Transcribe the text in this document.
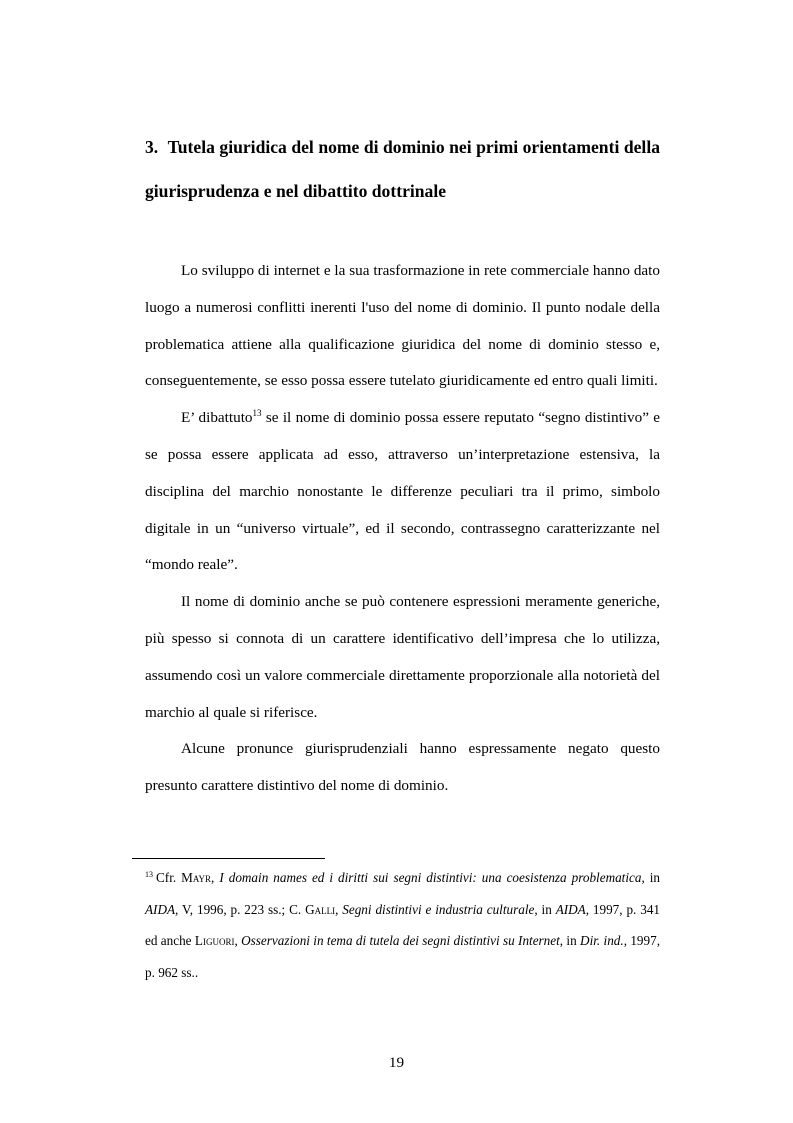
3. Tutela giuridica del nome di dominio nei primi orientamenti della giurisprudenza e nel dibattito dottrinale

Lo sviluppo di internet e la sua trasformazione in rete commerciale hanno dato luogo a numerosi conflitti inerenti l'uso del nome di dominio. Il punto nodale della problematica attiene alla qualificazione giuridica del nome di dominio stesso e, conseguentemente, se esso possa essere tutelato giuridicamente ed entro quali limiti.

E’ dibattuto$^{13}$ se il nome di dominio possa essere reputato “segno distintivo” e se possa essere applicata ad esso, attraverso un’interpretazione estensiva, la disciplina del marchio nonostante le differenze peculiari tra il primo, simbolo digitale in un “universo virtuale”, ed il secondo, contrassegno caratterizzante nel “mondo reale”.

Il nome di dominio anche se può contenere espressioni meramente generiche, più spesso si connota di un carattere identificativo dell’impresa che lo utilizza, assumendo così un valore commerciale direttamente proporzionale alla notorietà del marchio al quale si riferisce.

Alcune pronunce giurisprudenziali hanno espressamente negato questo presunto carattere distintivo del nome di dominio.

$^{13}$ Cfr. Mayr, I domain names ed i diritti sui segni distintivi: una coesistenza problematica, in AIDA, V, 1996, p. 223 ss.; C. Galli, Segni distintivi e industria culturale, in AIDA, 1997, p. 341 ed anche Liguori, Osservazioni in tema di tutela dei segni distintivi su Internet, in Dir. ind., 1997, p. 962 ss..

19
